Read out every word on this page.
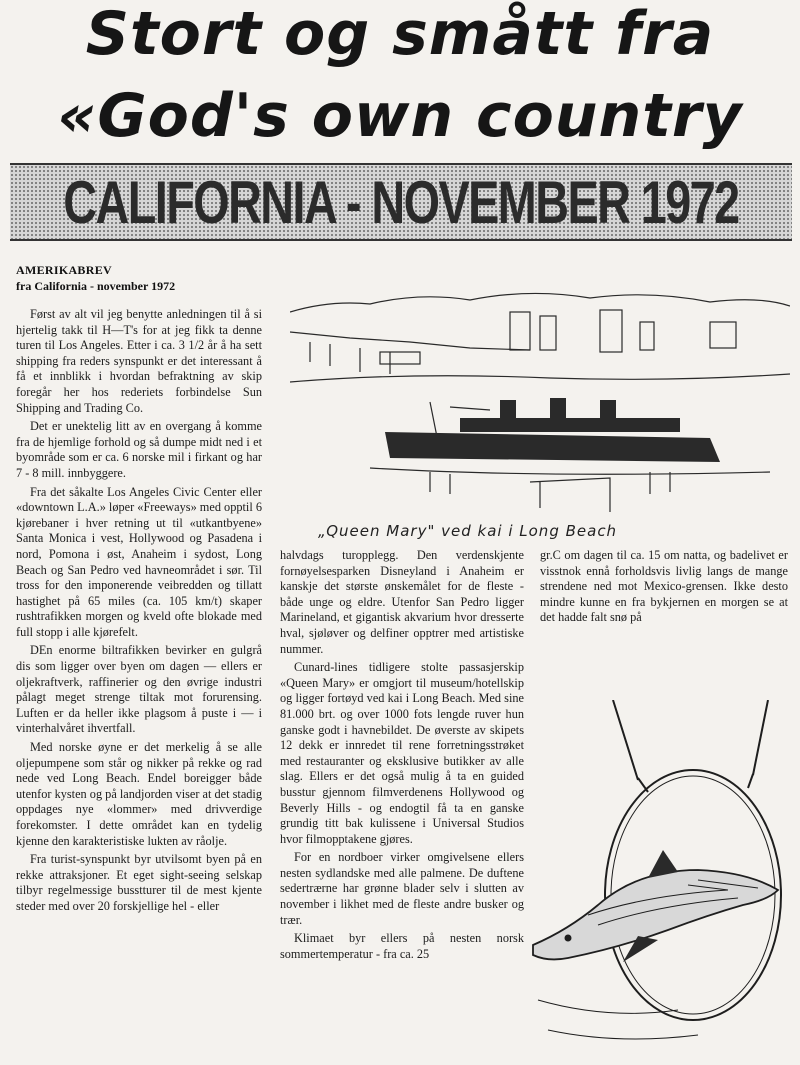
Stort og smått fra
«God's own country
CALIFORNIA - NOVEMBER 1972

AMERIKABREV

fra California - november 1972

„Queen Mary" ved kai i Long Beach

Først av alt vil jeg benytte anledningen til å si hjertelig takk til H—T's for at jeg fikk ta denne turen til Los Angeles. Etter i ca. 3 1/2 år å ha sett shipping fra reders synspunkt er det interessant å få et innblikk i hvordan befraktning av skip foregår her hos rederiets forbindelse Sun Shipping and Trading Co.

Det er unektelig litt av en overgang å komme fra de hjemlige forhold og så dumpe midt ned i et byområde som er ca. 6 norske mil i firkant og har 7 - 8 mill. innbyggere.

Fra det såkalte Los Angeles Civic Center eller «downtown L.A.» løper «Freeways» med opptil 6 kjørebaner i hver retning ut til «utkantbyene» Santa Monica i vest, Hollywood og Pasadena i nord, Pomona i øst, Anaheim i sydost, Long Beach og San Pedro ved havneområdet i sør. Til tross for den imponerende veibredden og tillatt hastighet på 65 miles (ca. 105 km/t) skaper rushtrafikken morgen og kveld ofte blokade med full stopp i alle kjørefelt.

DEn enorme biltrafikken bevirker en gulgrå dis som ligger over byen om dagen — ellers er oljekraftverk, raffinerier og den øvrige industri pålagt meget strenge tiltak mot forurensing. Luften er da heller ikke plagsom å puste i — i vinterhalvåret ihvertfall.

Med norske øyne er det merkelig å se alle oljepumpene som står og nikker på rekke og rad nede ved Long Beach. Endel boreigger både utenfor kysten og på landjorden viser at det stadig oppdages nye «lommer» med drivverdige forekomster. I dette området kan en tydelig kjenne den karakteristiske lukten av råolje.

Fra turist-synspunkt byr utvilsomt byen på en rekke attraksjoner. Et eget sight-seeing selskap tilbyr regelmessige busstturer til de mest kjente steder med over 20 forskjellige hel - eller

halvdags turopplegg. Den verdenskjente fornøyelsesparken Disneyland i Anaheim er kanskje det største ønskemålet for de fleste - både unge og eldre. Utenfor San Pedro ligger Marineland, et gigantisk akvarium hvor dresserte hval, sjøløver og delfiner opptrer med artistiske nummer.

Cunard-lines tidligere stolte passasjerskip «Queen Mary» er omgjort til museum/hotellskip og ligger fortøyd ved kai i Long Beach. Med sine 81.000 brt. og over 1000 fots lengde ruver hun ganske godt i havnebildet. De øverste av skipets 12 dekk er innredet til rene forretningsstrøket med restauranter og eksklusive butikker av alle slag. Ellers er det også mulig å ta en guided busstur gjennom filmverdenens Hollywood og Beverly Hills - og endogtil få ta en ganske grundig titt bak kulissene i Universal Studios hvor filmopptakene gjøres.

For en nordboer virker omgivelsene ellers nesten sydlandske med alle palmene. De duftene sedertrærne har grønne blader selv i slutten av november i likhet med de fleste andre busker og trær.

Klimaet byr ellers på nesten norsk sommertemperatur - fra ca. 25

gr.C om dagen til ca. 15 om natta, og badelivet er visstnok ennå forholdsvis livlig langs de mange strendene ned mot Mexico-grensen. Ikke desto mindre kunne en fra bykjernen en morgen se at det hadde falt snø på
